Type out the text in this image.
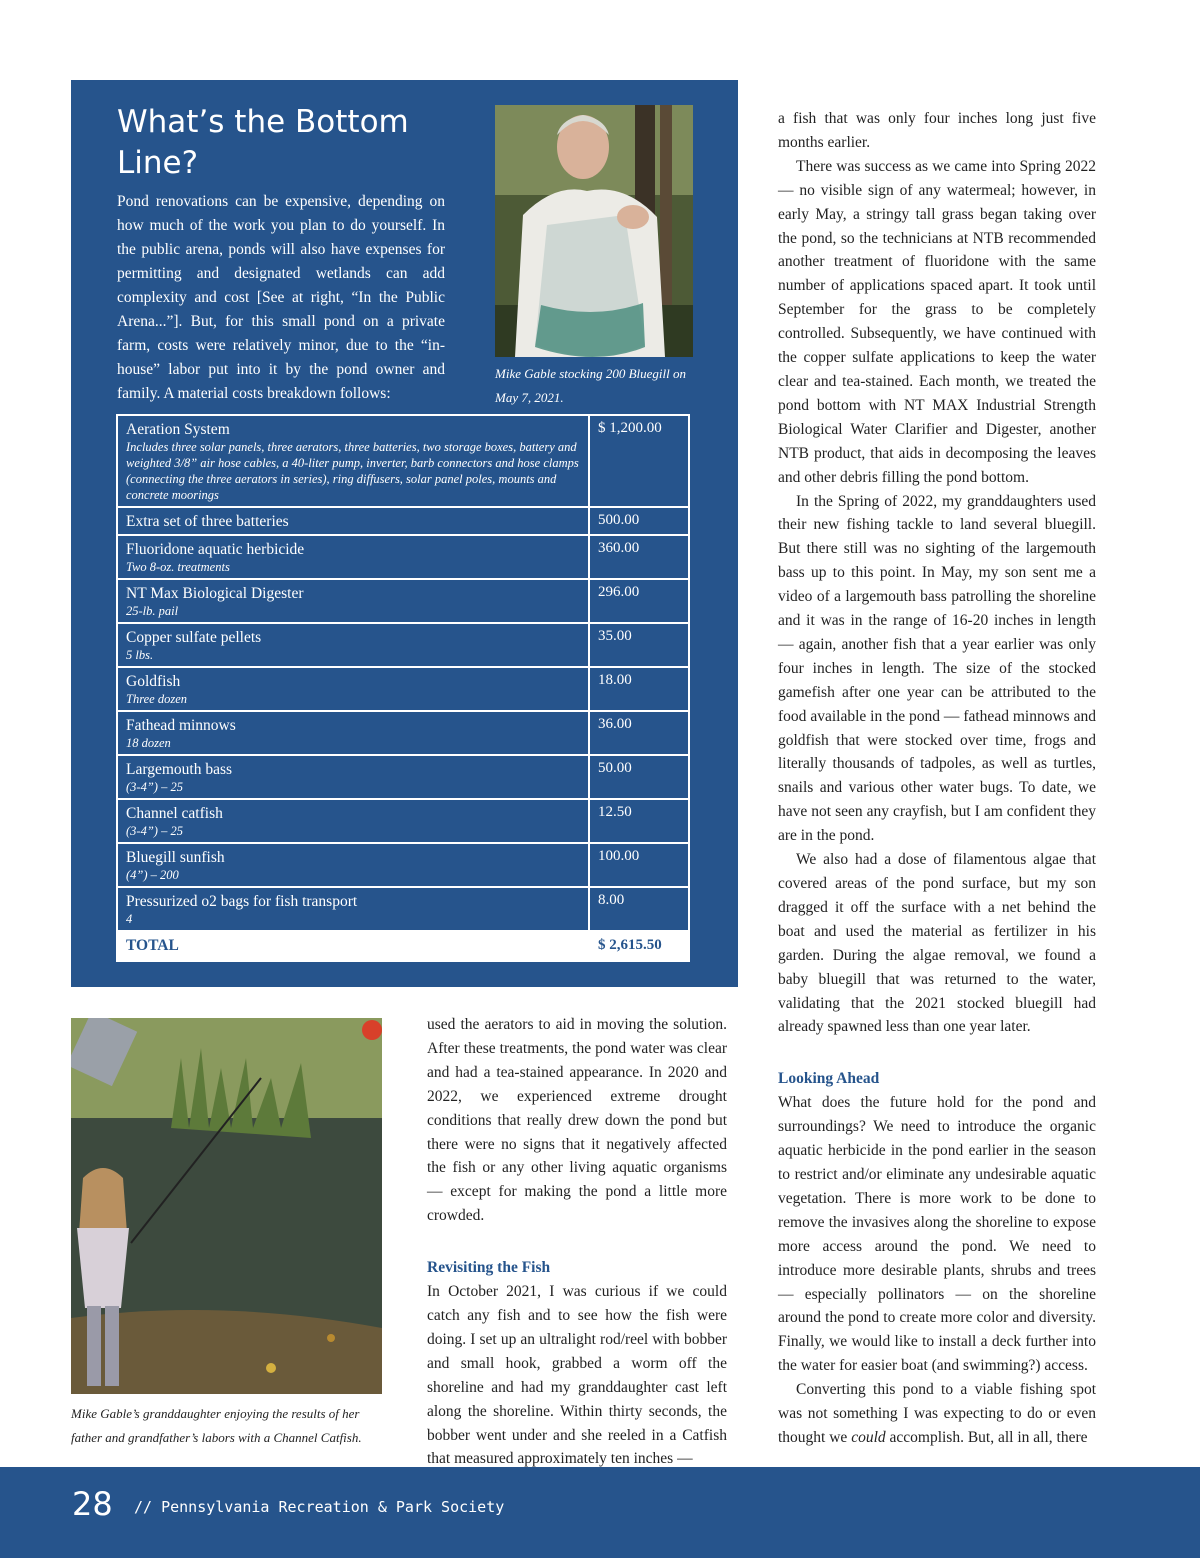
What’s the Bottom Line?

Pond renovations can be expensive, depending on how much of the work you plan to do yourself. In the public arena, ponds will also have expenses for permitting and designated wetlands can add complexity and cost [See at right, “In the Public Arena...”]. But, for this small pond on a private farm, costs were relatively minor, due to the “in-house” labor put into it by the pond owner and family. A material costs breakdown follows:

Mike Gable stocking 200 Bluegill on May 7, 2021.

Aeration System
Includes three solar panels, three aerators, three batteries, two storage boxes, battery and weighted 3/8” air hose cables, a 40-liter pump, inverter, barb connectors and hose clamps (connecting the three aerators in series), ring diffusers, solar panel poles, mounts and concrete moorings	$ 1,200.00

Extra set of three batteries	500.00

Fluoridone aquatic herbicide
Two 8-oz. treatments	360.00

NT Max Biological Digester
25-lb. pail	296.00

Copper sulfate pellets
5 lbs.	35.00

Goldfish
Three dozen	18.00

Fathead minnows
18 dozen	36.00

Largemouth bass
(3-4”) – 25	50.00

Channel catfish
(3-4”) – 25	12.50

Bluegill sunfish
(4”) – 200	100.00

Pressurized o2 bags for fish transport
4	8.00
TOTAL	$ 2,615.50

Mike Gable’s granddaughter enjoying the results of her father and grandfather’s labors with a Channel Catfish.

used the aerators to aid in moving the solution. After these treatments, the pond water was clear and had a tea-stained appearance. In 2020 and 2022, we experienced extreme drought conditions that really drew down the pond but there were no signs that it negatively affected the fish or any other living aquatic organisms — except for making the pond a little more crowded.

Revisiting the Fish

In October 2021, I was curious if we could catch any fish and to see how the fish were doing. I set up an ultralight rod/reel with bobber and small hook, grabbed a worm off the shoreline and had my granddaughter cast left along the shoreline. Within thirty seconds, the bobber went under and she reeled in a Catfish that measured approximately ten inches —

a fish that was only four inches long just five months earlier.

There was success as we came into Spring 2022 — no visible sign of any watermeal; however, in early May, a stringy tall grass began taking over the pond, so the technicians at NTB recommended another treatment of fluoridone with the same number of applications spaced apart. It took until September for the grass to be completely controlled. Subsequently, we have continued with the copper sulfate applications to keep the water clear and tea-stained. Each month, we treated the pond bottom with NT MAX Industrial Strength Biological Water Clarifier and Digester, another NTB product, that aids in decomposing the leaves and other debris filling the pond bottom.

In the Spring of 2022, my granddaughters used their new fishing tackle to land several bluegill. But there still was no sighting of the largemouth bass up to this point. In May, my son sent me a video of a largemouth bass patrolling the shoreline and it was in the range of 16-20 inches in length — again, another fish that a year earlier was only four inches in length. The size of the stocked gamefish after one year can be attributed to the food available in the pond — fathead minnows and goldfish that were stocked over time, frogs and literally thousands of tadpoles, as well as turtles, snails and various other water bugs. To date, we have not seen any crayfish, but I am confident they are in the pond.

We also had a dose of filamentous algae that covered areas of the pond surface, but my son dragged it off the surface with a net behind the boat and used the material as fertilizer in his garden. During the algae removal, we found a baby bluegill that was returned to the water, validating that the 2021 stocked bluegill had already spawned less than one year later.

Looking Ahead

What does the future hold for the pond and surroundings? We need to introduce the organic aquatic herbicide in the pond earlier in the season to restrict and/or eliminate any undesirable aquatic vegetation. There is more work to be done to remove the invasives along the shoreline to expose more access around the pond. We need to introduce more desirable plants, shrubs and trees — especially pollinators — on the shoreline around the pond to create more color and diversity. Finally, we would like to install a deck further into the water for easier boat (and swimming?) access.

Converting this pond to a viable fishing spot was not something I was expecting to do or even thought we could accomplish. But, all in all, there

28 // Pennsylvania Recreation & Park Society
